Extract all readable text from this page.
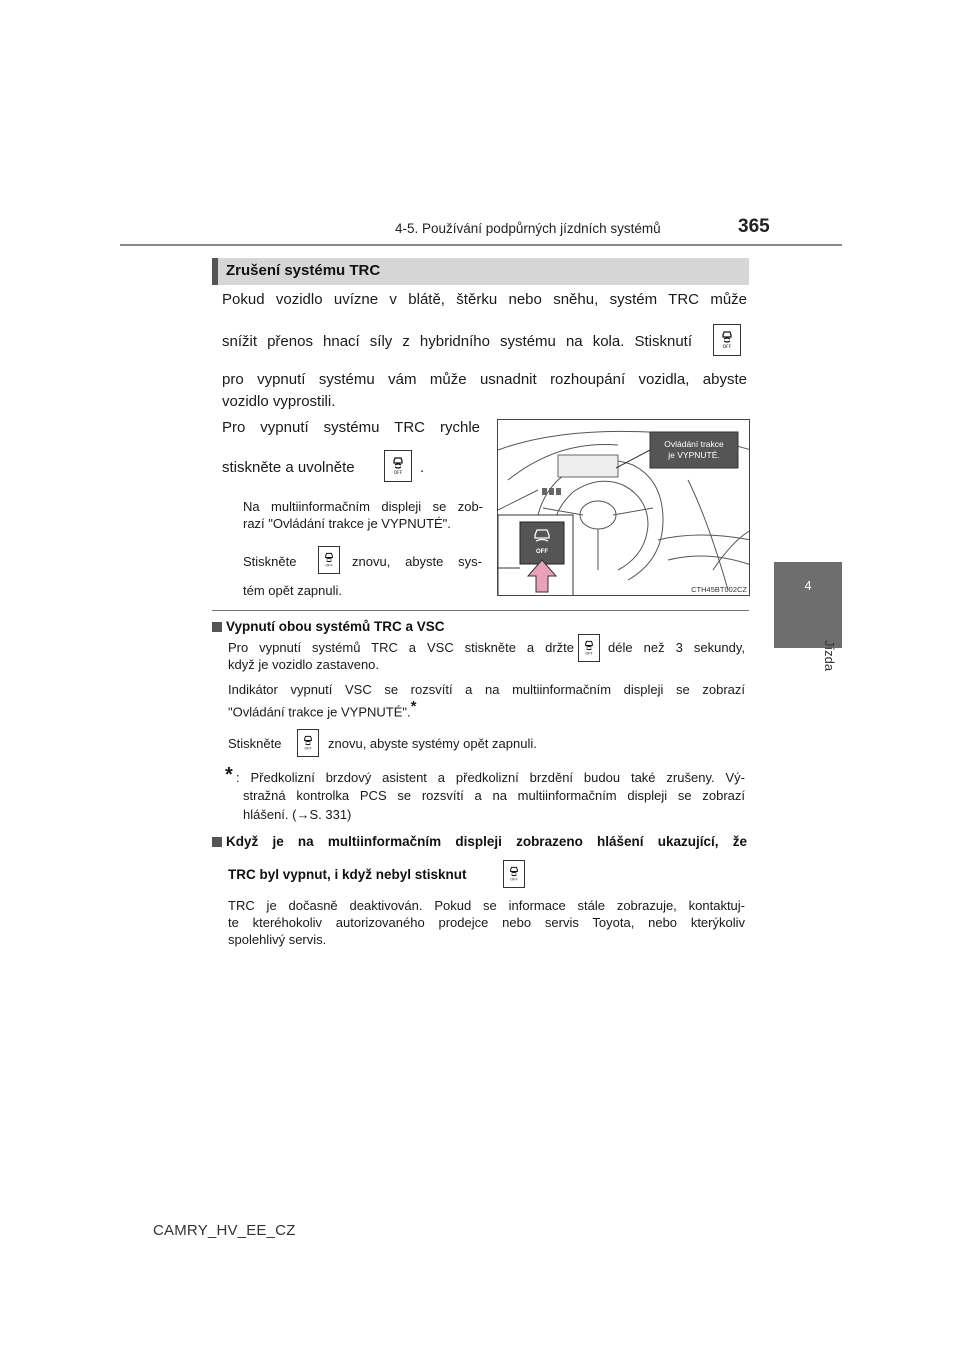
4-5. Používání podpůrných jízdních systémů	365
4
Jízda
Zrušení systému TRC
Pokud vozidlo uvízne v blátě, štěrku nebo sněhu, systém TRC může
snížit přenos hnací síly z hybridního systému na kola. Stisknutí	OFF
pro vypnutí systému vám může usnadnit rozhoupání vozidla, abyste
vozidlo vyprostili.
Pro vypnutí systému TRC rychle
stiskněte a uvolněte	OFF .
Na multiinformačním displeji se zob-
razí "Ovládání trakce je VYPNUTÉ".
Stiskněte	OFF znovu, abyste sys-
tém opět zapnuli.
Ovládání trakce
je VYPNUTÉ.
OFF
CTH45BT002CZ
Vypnutí obou systémů TRC a VSC
Pro vypnutí systémů TRC a VSC stiskněte a držte	OFF déle než 3 sekundy,
když je vozidlo zastaveno.
Indikátor vypnutí VSC se rozsvítí a na multiinformačním displeji se zobrazí
"Ovládání trakce je VYPNUTÉ".*
Stiskněte	OFF znovu, abyste systémy opět zapnuli.
* : Předkolizní brzdový asistent a předkolizní brzdění budou také zrušeny. Vý-
stražná kontrolka PCS se rozsvítí a na multiinformačním displeji se zobrazí
hlášení. (→S. 331)
Když je na multiinformačním displeji zobrazeno hlášení ukazující, že
TRC byl vypnut, i když nebyl stisknut	OFF
TRC je dočasně deaktivován. Pokud se informace stále zobrazuje, kontaktuj-
te kteréhokoliv autorizovaného prodejce nebo servis Toyota, nebo kterýkoliv
spolehlivý servis.
CAMRY_HV_EE_CZ
